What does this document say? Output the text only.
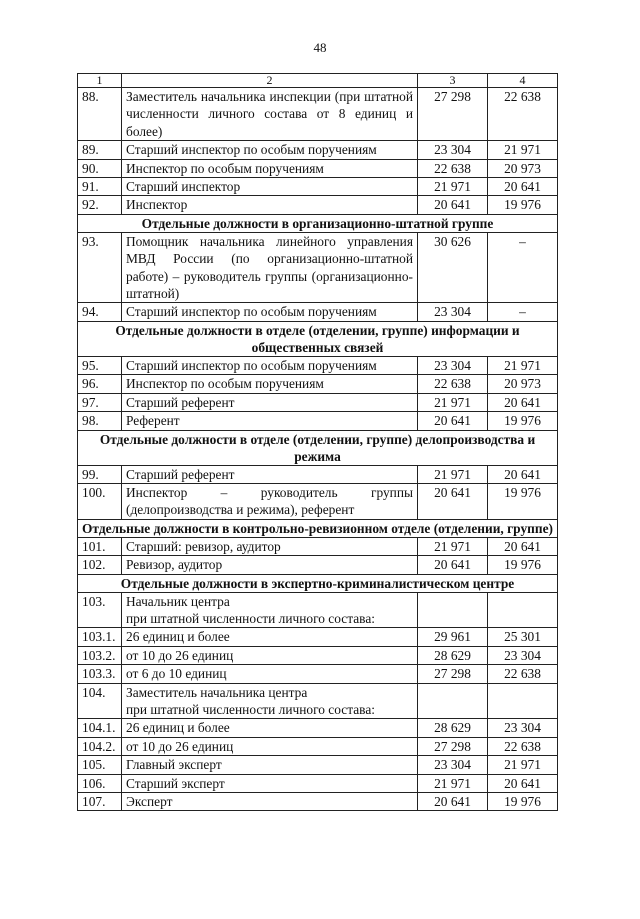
48
1	2	3	4
88.	Заместитель начальника инспекции (при штатной численности личного состава от 8 единиц и более)	27 298	22 638
89.	Старший инспектор по особым поручениям	23 304	21 971
90.	Инспектор по особым поручениям	22 638	20 973
91.	Старший инспектор	21 971	20 641
92.	Инспектор	20 641	19 976
Отдельные должности в организационно-штатной группе			
93.	Помощник начальника линейного управления МВД России (по организационно-штатной работе) – руководитель группы (организационно-штатной)	30 626	–
94.	Старший инспектор по особым поручениям	23 304	–
Отдельные должности в отделе (отделении, группе) информации и общественных связей			
95.	Старший инспектор по особым поручениям	23 304	21 971
96.	Инспектор по особым поручениям	22 638	20 973
97.	Старший референт	21 971	20 641
98.	Референт	20 641	19 976
Отдельные должности в отделе (отделении, группе) делопроизводства и режима			
99.	Старший референт	21 971	20 641
100.	Инспектор – руководитель группы (делопроизводства и режима), референт	20 641	19 976
Отдельные должности в контрольно-ревизионном отделе (отделении, группе)			
101.	Старший: ревизор, аудитор	21 971	20 641
102.	Ревизор, аудитор	20 641	19 976
Отдельные должности в экспертно-криминалистическом центре			
103.	Начальник центра
при штатной численности личного состава:		
103.1.	26 единиц и более	29 961	25 301
103.2.	от 10 до 26 единиц	28 629	23 304
103.3.	от 6 до 10 единиц	27 298	22 638
104.	Заместитель начальника центра
при штатной численности личного состава:		
104.1.	26 единиц и более	28 629	23 304
104.2.	от 10 до 26 единиц	27 298	22 638
105.	Главный эксперт	23 304	21 971
106.	Старший эксперт	21 971	20 641
107.	Эксперт	20 641	19 976
